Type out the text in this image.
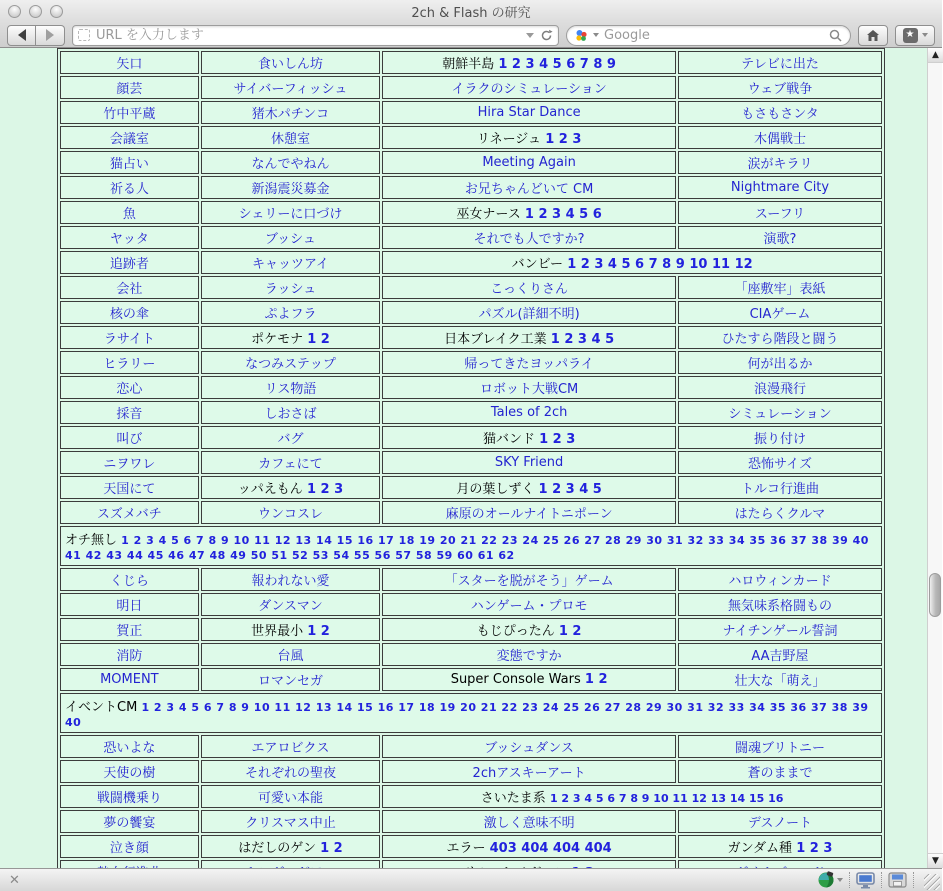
2ch & Flash の研究
URL を入力します
Google
★
矢口	食いしん坊	朝鮮半島 1 2 3 4 5 6 7 8 9	テレビに出た
顔芸	サイバーフィッシュ	イラクのシミュレーション	ウェブ戦争
竹中平蔵	猪木パチンコ	Hira Star Dance	もさもさンタ
会議室	休憩室	リネージュ 1 2 3	木偶戦士
猫占い	なんでやねん	Meeting Again	涙がキラリ
祈る人	新潟震災募金	お兄ちゃんどいて CM	Nightmare City
魚	シェリーに口づけ	巫女ナース 1 2 3 4 5 6	スーフリ
ヤッタ	ブッシュ	それでも人ですか?	演歌?
追跡者	キャッツアイ	バンビー 1 2 3 4 5 6 7 8 9 10 11 12	
会社	ラッシュ	こっくりさん	「座敷牢」表紙
核の傘	ぷよフラ	パズル(詳細不明)	CIAゲーム
ラサイト	ポケモナ 1 2	日本ブレイク工業 1 2 3 4 5	ひたすら階段と闘う
ヒラリー	なつみステップ	帰ってきたヨッパライ	何が出るか
恋心	リス物語	ロボット大戦CM	浪漫飛行
採音	しおさば	Tales of 2ch	シミュレーション
叫び	バグ	猫バンド 1 2 3	振り付け
ニヲワレ	カフェにて	SKY Friend	恐怖サイズ
天国にて	ッパえもん 1 2 3	月の葉しずく 1 2 3 4 5	トルコ行進曲
スズメバチ	ウンコスレ	麻原のオールナイトニポーン	はたらくクルマ
オチ無し 1 2 3 4 5 6 7 8 9 10 11 12 13 14 15 16 17 18 19 20 21 22 23 24 25 26 27 28 29 30 31 32 33 34 35 36 37 38 39 40 41 42 43 44 45 46 47 48 49 50 51 52 53 54 55 56 57 58 59 60 61 62			
くじら	報われない愛	「スターを脱がそう」ゲーム	ハロウィンカード
明日	ダンスマン	ハンゲーム・プロモ	無気味系格闘もの
賀正	世界最小 1 2	もじぴったん 1 2	ナイチンゲール誓詞
消防	台風	変態ですか	AA吉野屋
MOMENT	ロマンセガ	Super Console Wars 1 2	壮大な「萌え」
イベントCM 1 2 3 4 5 6 7 8 9 10 11 12 13 14 15 16 17 18 19 20 21 22 23 24 25 26 27 28 29 30 31 32 33 34 35 36 37 38 39 40			
恐いよな	エアロビクス	ブッシュダンス	闘魂ブリトニー
天使の樹	それぞれの聖夜	2chアスキーアート	蒼のままで
戦闘機乗り	可愛い本能	さいたま系 1 2 3 4 5 6 7 8 9 10 11 12 13 14 15 16	
夢の饗宴	クリスマス中止	激しく意味不明	デスノート
泣き顔	はだしのゲン 1 2	エラー 403 404 404 404	ガンダム種 1 2 3

▲
▼
✕
